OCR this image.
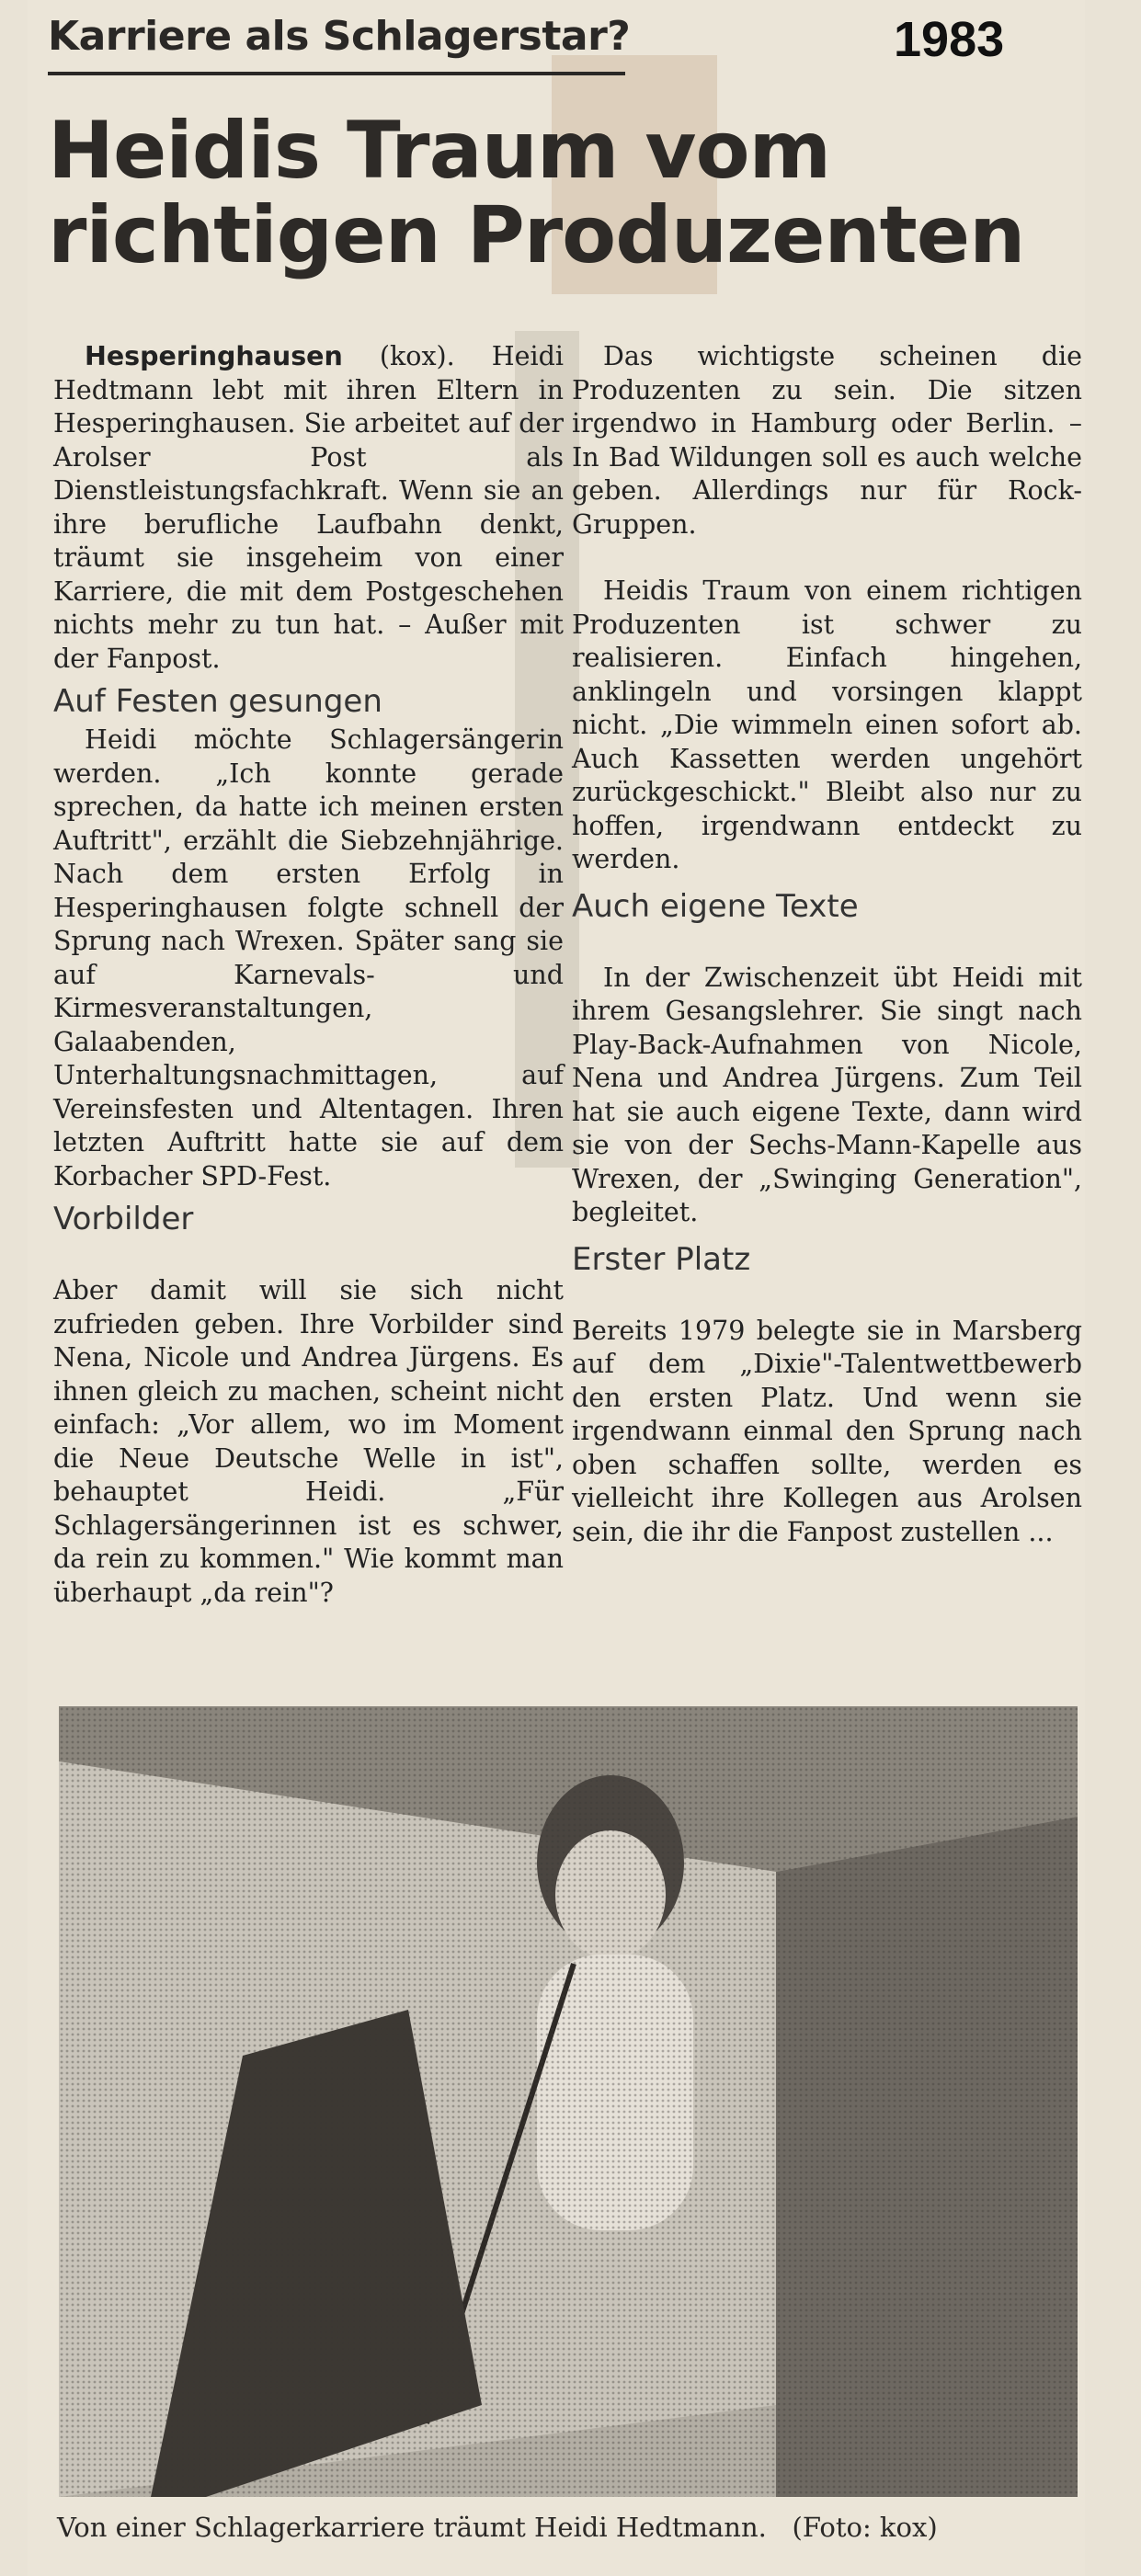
Karriere als Schlagerstar?	1983
Heidis Traum vom richtigen Produzenten

Hesperinghausen (kox). Heidi Hedtmann lebt mit ihren Eltern in Hesperinghausen. Sie arbeitet auf der Arolser Post als Dienstleistungsfachkraft. Wenn sie an ihre berufliche Laufbahn denkt, träumt sie insgeheim von einer Karriere, die mit dem Postgeschehen nichts mehr zu tun hat. – Außer mit der Fanpost.

Auf Festen gesungen

Heidi möchte Schlagersängerin werden. „Ich konnte gerade sprechen, da hatte ich meinen ersten Auftritt", erzählt die Siebzehnjährige. Nach dem ersten Erfolg in Hesperinghausen folgte schnell der Sprung nach Wrexen. Später sang sie auf Karnevals- und Kirmesveranstaltungen, Galaabenden, Unterhaltungsnachmittagen, auf Vereinsfesten und Altentagen. Ihren letzten Auftritt hatte sie auf dem Korbacher SPD-Fest.

Vorbilder

Aber damit will sie sich nicht zufrieden geben. Ihre Vorbilder sind Nena, Nicole und Andrea Jürgens. Es ihnen gleich zu machen, scheint nicht einfach: „Vor allem, wo im Moment die Neue Deutsche Welle in ist", behauptet Heidi. „Für Schlagersängerinnen ist es schwer, da rein zu kommen." Wie kommt man überhaupt „da rein"?

Das wichtigste scheinen die Produzenten zu sein. Die sitzen irgendwo in Hamburg oder Berlin. – In Bad Wildungen soll es auch welche geben. Allerdings nur für Rock-Gruppen.

Heidis Traum von einem richtigen Produzenten ist schwer zu realisieren. Einfach hingehen, anklingeln und vorsingen klappt nicht. „Die wimmeln einen sofort ab. Auch Kassetten werden ungehört zurückgeschickt." Bleibt also nur zu hoffen, irgendwann entdeckt zu werden.

Auch eigene Texte

In der Zwischenzeit übt Heidi mit ihrem Gesangslehrer. Sie singt nach Play-Back-Aufnahmen von Nicole, Nena und Andrea Jürgens. Zum Teil hat sie auch eigene Texte, dann wird sie von der Sechs-Mann-Kapelle aus Wrexen, der „Swinging Generation", begleitet.

Erster Platz

Bereits 1979 belegte sie in Marsberg auf dem „Dixie"-Talentwettbewerb den ersten Platz. Und wenn sie irgendwann einmal den Sprung nach oben schaffen sollte, werden es vielleicht ihre Kollegen aus Arolsen sein, die ihr die Fanpost zustellen ...

Von einer Schlagerkarriere träumt Heidi Hedtmann.   (Foto: kox)
